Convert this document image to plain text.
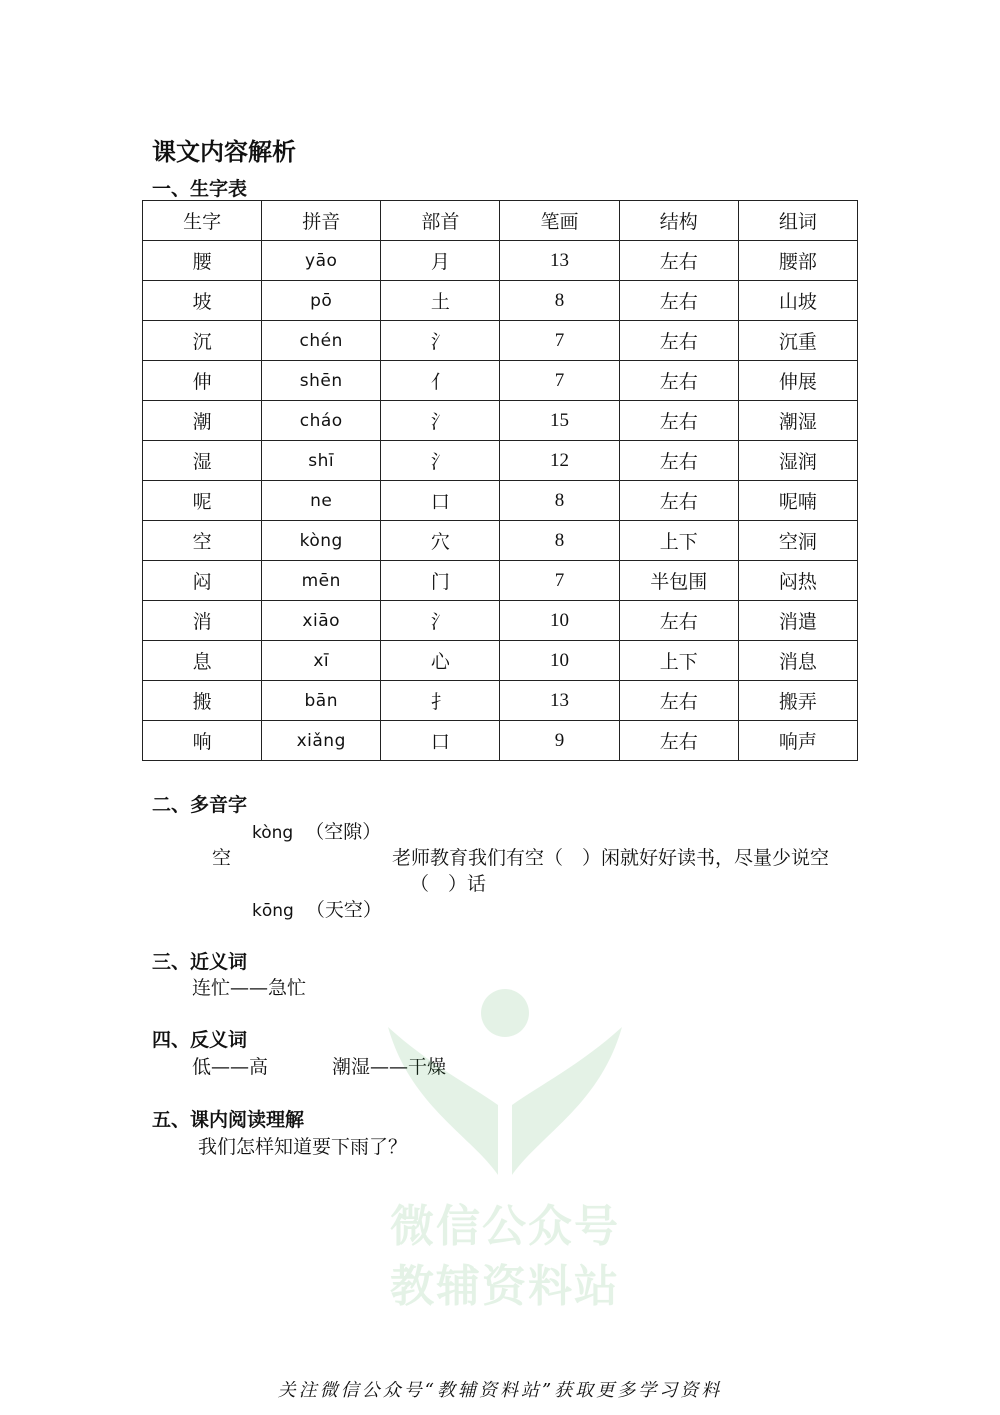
课文内容解析
一、生字表
生字	拼音	部首	笔画	结构	组词
腰	yāo	月	13	左右	腰部
坡	pō	土	8	左右	山坡
沉	chén	氵	7	左右	沉重
伸	shēn	亻	7	左右	伸展
潮	cháo	氵	15	左右	潮湿
湿	shī	氵	12	左右	湿润
呢	ne	口	8	左右	呢喃
空	kòng	穴	8	上下	空洞
闷	mēn	门	7	半包围	闷热
消	xiāo	氵	10	左右	消遣
息	xī	心	10	上下	消息
搬	bān	扌	13	左右	搬弄
响	xiǎng	口	9	左右	响声
二、多音字
kòng （空隙）
空	老师教育我们有空（　）闲就好好读书，尽量少说空
（　）话
kōng （天空）
三、近义词
连忙——急忙
四、反义词
低——高	潮湿——干燥
五、课内阅读理解
我们怎样知道要下雨了？
微信公众号
教辅资料站
关注微信公众号“教辅资料站”获取更多学习资料
